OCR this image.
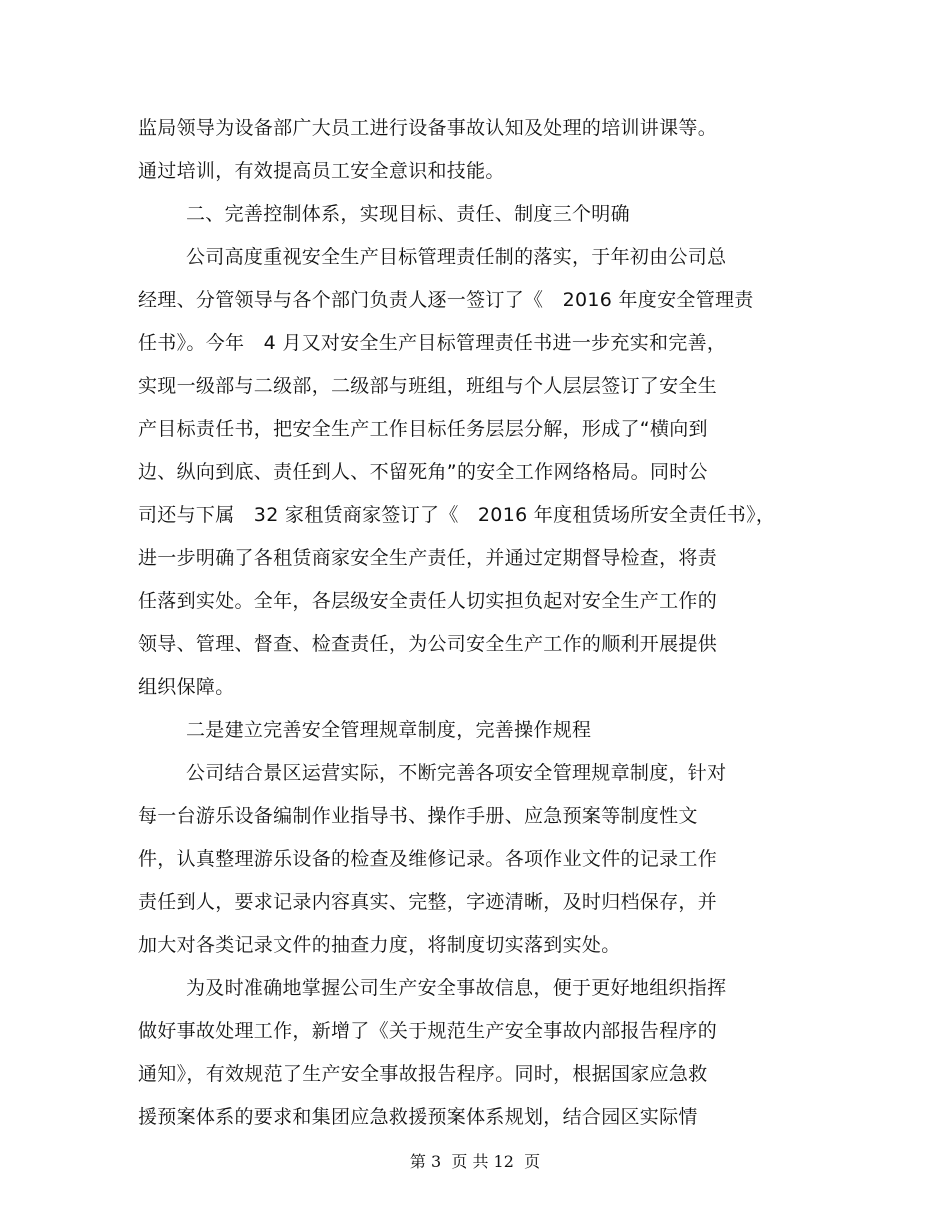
监局领导为设备部广大员工进行设备事故认知及处理的培训讲课等。
通过培训，有效提高员工安全意识和技能。
二、完善控制体系，实现目标、责任、制度三个明确
公司高度重视安全生产目标管理责任制的落实，于年初由公司总
经理、分管领导与各个部门负责人逐一签订了《　2016 年度安全管理责
任书》。今年　4 月又对安全生产目标管理责任书进一步充实和完善，
实现一级部与二级部，二级部与班组，班组与个人层层签订了安全生
产目标责任书，把安全生产工作目标任务层层分解，形成了“横向到
边、纵向到底、责任到人、不留死角”的安全工作网络格局。同时公
司还与下属　32 家租赁商家签订了《　2016 年度租赁场所安全责任书》，
进一步明确了各租赁商家安全生产责任，并通过定期督导检查，将责
任落到实处。全年，各层级安全责任人切实担负起对安全生产工作的
领导、管理、督查、检查责任，为公司安全生产工作的顺利开展提供
组织保障。
二是建立完善安全管理规章制度，完善操作规程
公司结合景区运营实际，不断完善各项安全管理规章制度，针对
每一台游乐设备编制作业指导书、操作手册、应急预案等制度性文
件，认真整理游乐设备的检查及维修记录。各项作业文件的记录工作
责任到人，要求记录内容真实、完整，字迹清晰，及时归档保存，并
加大对各类记录文件的抽查力度，将制度切实落到实处。
为及时准确地掌握公司生产安全事故信息，便于更好地组织指挥
做好事故处理工作，新增了《关于规范生产安全事故内部报告程序的
通知》，有效规范了生产安全事故报告程序。同时，根据国家应急救
援预案体系的要求和集团应急救援预案体系规划，结合园区实际情
第 3  页 共 12  页
